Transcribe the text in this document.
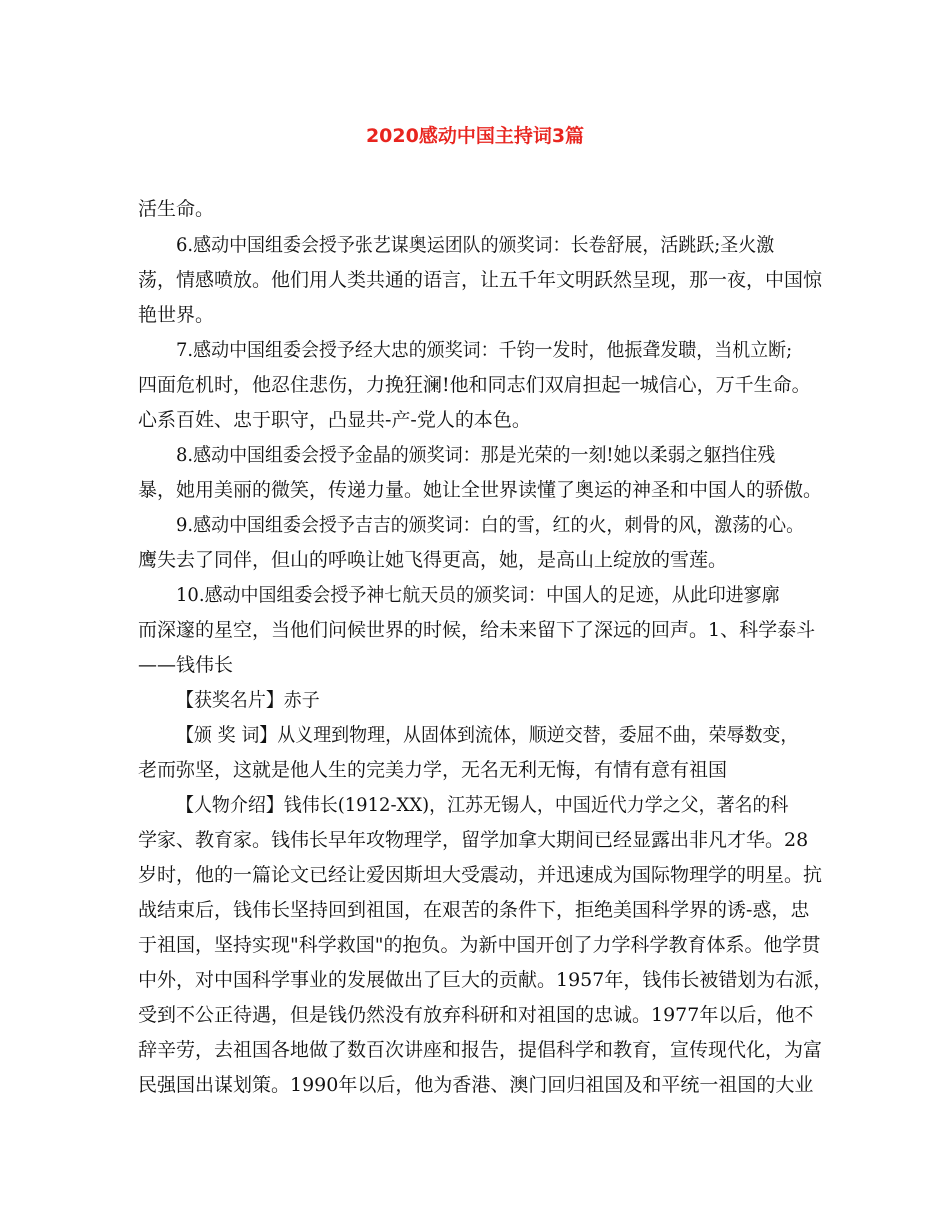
2020感动中国主持词3篇
活生命。
6.感动中国组委会授予张艺谋奥运团队的颁奖词：长卷舒展，活跳跃;圣火激
荡，情感喷放。他们用人类共通的语言，让五千年文明跃然呈现，那一夜，中国惊
艳世界。
7.感动中国组委会授予经大忠的颁奖词：千钧一发时，他振聋发聩，当机立断;
四面危机时，他忍住悲伤，力挽狂澜!他和同志们双肩担起一城信心，万千生命。
心系百姓、忠于职守，凸显共-产-党人的本色。
8.感动中国组委会授予金晶的颁奖词：那是光荣的一刻!她以柔弱之躯挡住残
暴，她用美丽的微笑，传递力量。她让全世界读懂了奥运的神圣和中国人的骄傲。
9.感动中国组委会授予吉吉的颁奖词：白的雪，红的火，刺骨的风，激荡的心。
鹰失去了同伴，但山的呼唤让她飞得更高，她，是高山上绽放的雪莲。
10.感动中国组委会授予神七航天员的颁奖词：中国人的足迹，从此印进寥廓
而深邃的星空，当他们问候世界的时候，给未来留下了深远的回声。1、科学泰斗
——钱伟长
【获奖名片】赤子
【颁 奖 词】从义理到物理，从固体到流体，顺逆交替，委屈不曲，荣辱数变，
老而弥坚，这就是他人生的完美力学，无名无利无悔，有情有意有祖国
【人物介绍】钱伟长(1912-XX)，江苏无锡人，中国近代力学之父，著名的科
学家、教育家。钱伟长早年攻物理学，留学加拿大期间已经显露出非凡才华。28
岁时，他的一篇论文已经让爱因斯坦大受震动，并迅速成为国际物理学的明星。抗
战结束后，钱伟长坚持回到祖国，在艰苦的条件下，拒绝美国科学界的诱-惑，忠
于祖国，坚持实现"科学救国"的抱负。为新中国开创了力学科学教育体系。他学贯
中外，对中国科学事业的发展做出了巨大的贡献。1957年，钱伟长被错划为右派，
受到不公正待遇，但是钱仍然没有放弃科研和对祖国的忠诚。1977年以后，他不
辞辛劳，去祖国各地做了数百次讲座和报告，提倡科学和教育，宣传现代化，为富
民强国出谋划策。1990年以后，他为香港、澳门回归祖国及和平统一祖国的大业
